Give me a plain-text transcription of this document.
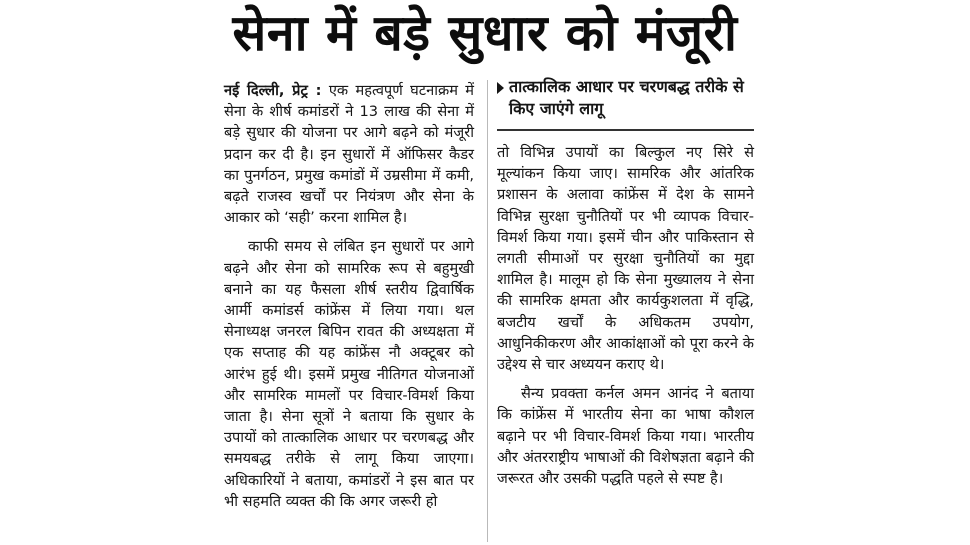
सेना में बड़े सुधार को मंजूरी

नई दिल्ली, प्रेट्र : एक महत्वपूर्ण घटनाक्रम में सेना के शीर्ष कमांडरों ने 13 लाख की सेना में बड़े सुधार की योजना पर आगे बढ़ने को मंजूरी प्रदान कर दी है। इन सुधारों में ऑफिसर कैडर का पुनर्गठन, प्रमुख कमांडों में उम्रसीमा में कमी, बढ़ते राजस्व खर्चों पर नियंत्रण और सेना के आकार को ‘सही’ करना शामिल है।

काफी समय से लंबित इन सुधारों पर आगे बढ़ने और सेना को सामरिक रूप से बहुमुखी बनाने का यह फैसला शीर्ष स्तरीय द्विवार्षिक आर्मी कमांडर्स कांफ्रेंस में लिया गया। थल सेनाध्यक्ष जनरल बिपिन रावत की अध्यक्षता में एक सप्ताह की यह कांफ्रेंस नौ अक्टूबर को आरंभ हुई थी। इसमें प्रमुख नीतिगत योजनाओं और सामरिक मामलों पर विचार-विमर्श किया जाता है। सेना सूत्रों ने बताया कि सुधार के उपायों को तात्कालिक आधार पर चरणबद्ध और समयबद्ध तरीके से लागू किया जाएगा। अधिकारियों ने बताया, कमांडरों ने इस बात पर भी सहमति व्यक्त की कि अगर जरूरी हो

तात्कालिक आधार पर चरणबद्ध तरीके से किए जाएंगे लागू

तो विभिन्न उपायों का बिल्कुल नए सिरे से मूल्यांकन किया जाए। सामरिक और आंतरिक प्रशासन के अलावा कांफ्रेंस में देश के सामने विभिन्न सुरक्षा चुनौतियों पर भी व्यापक विचार-विमर्श किया गया। इसमें चीन और पाकिस्तान से लगती सीमाओं पर सुरक्षा चुनौतियों का मुद्दा शामिल है। मालूम हो कि सेना मुख्यालय ने सेना की सामरिक क्षमता और कार्यकुशलता में वृद्धि, बजटीय खर्चों के अधिकतम उपयोग, आधुनिकीकरण और आकांक्षाओं को पूरा करने के उद्देश्य से चार अध्ययन कराए थे।

सैन्य प्रवक्ता कर्नल अमन आनंद ने बताया कि कांफ्रेंस में भारतीय सेना का भाषा कौशल बढ़ाने पर भी विचार-विमर्श किया गया। भारतीय और अंतरराष्ट्रीय भाषाओं की विशेषज्ञता बढ़ाने की जरूरत और उसकी पद्धति पहले से स्पष्ट है।
